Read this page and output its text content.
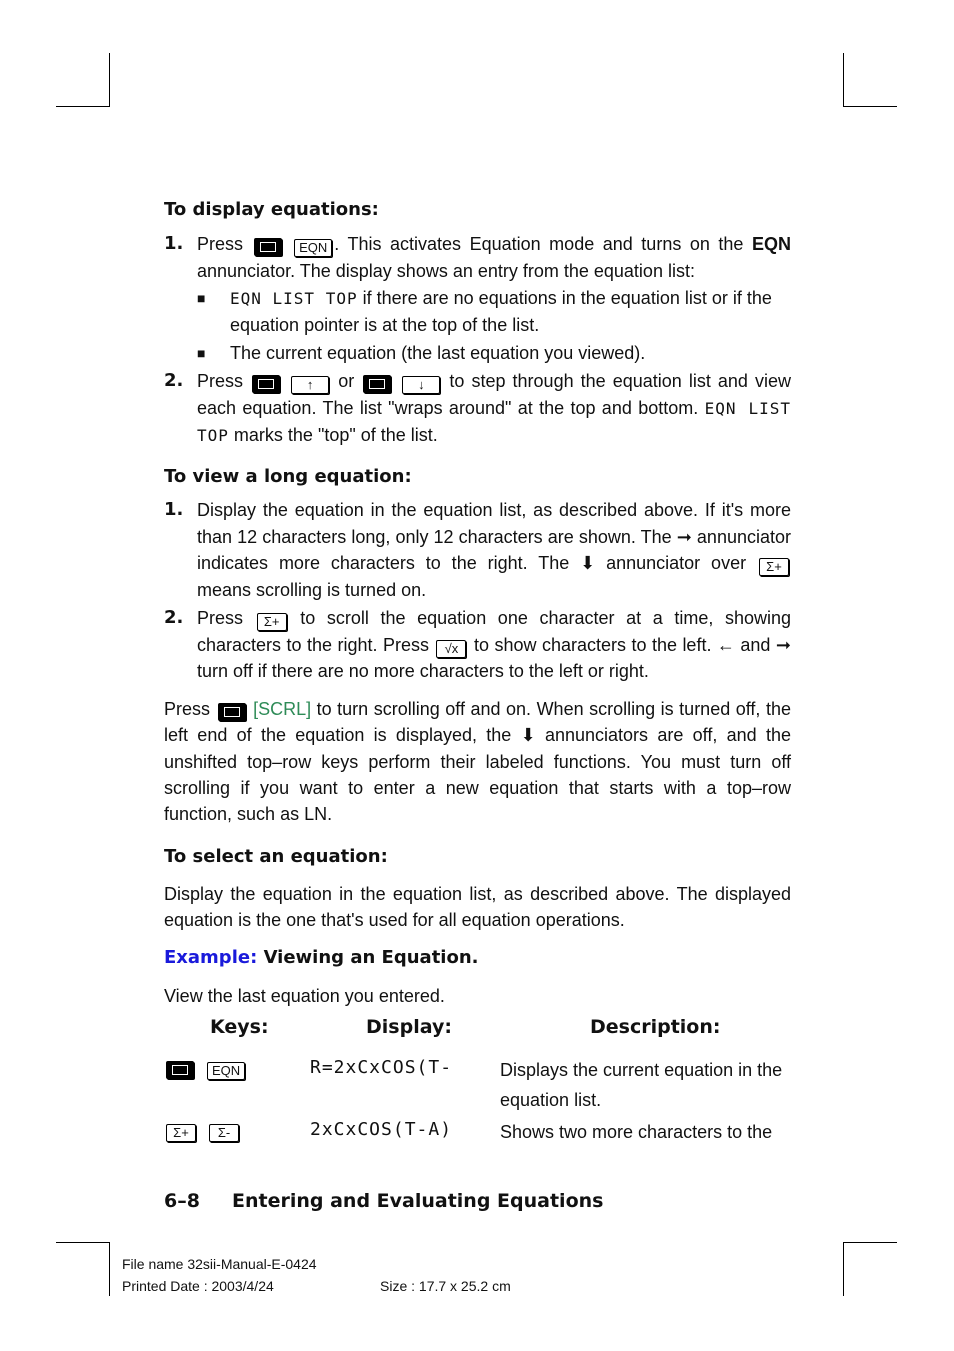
To display equations:
1. Press	EQN . This activates Equation mode and turns on the EQN annunciator. The display shows an entry from the equation list:
■ EQN LIST TOP if there are no equations in the equation list or if the equation pointer is at the top of the list.
■ The current equation (the last equation you viewed).
2. Press	↑ or	↓ to step through the equation list and view each equation. The list "wraps around" at the top and bottom. EQN LIST TOP marks the "top" of the list.
To view a long equation:
1. Display the equation in the equation list, as described above. If it's more than 12 characters long, only 12 characters are shown. The ➞ annunciator indicates more characters to the right. The ⬇ annunciator over Σ+ means scrolling is turned on.
2. Press Σ+ to scroll the equation one character at a time, showing characters to the right. Press √x to show characters to the left. ← and ➞ turn off if there are no more characters to the left or right.
Press [SCRL] to turn scrolling off and on. When scrolling is turned off, the left end of the equation is displayed, the ⬇ annunciators are off, and the unshifted top–row keys perform their labeled functions. You must turn off scrolling if you want to enter a new equation that starts with a top–row function, such as LN.
To select an equation:
Display the equation in the equation list, as described above. The displayed equation is the one that's used for all equation operations.
Example: Viewing an Equation.
View the last equation you entered.
Keys:	Display:	Description:
EQN	R=2xCxCOS(T-	Displays the current equation in the equation list.
Σ+ Σ-	2xCxCOS(T-A)	Shows two more characters to the
6–8 Entering and Evaluating Equations
File name 32sii-Manual-E-0424
Printed Date : 2003/4/24	Size : 17.7 x 25.2 cm
